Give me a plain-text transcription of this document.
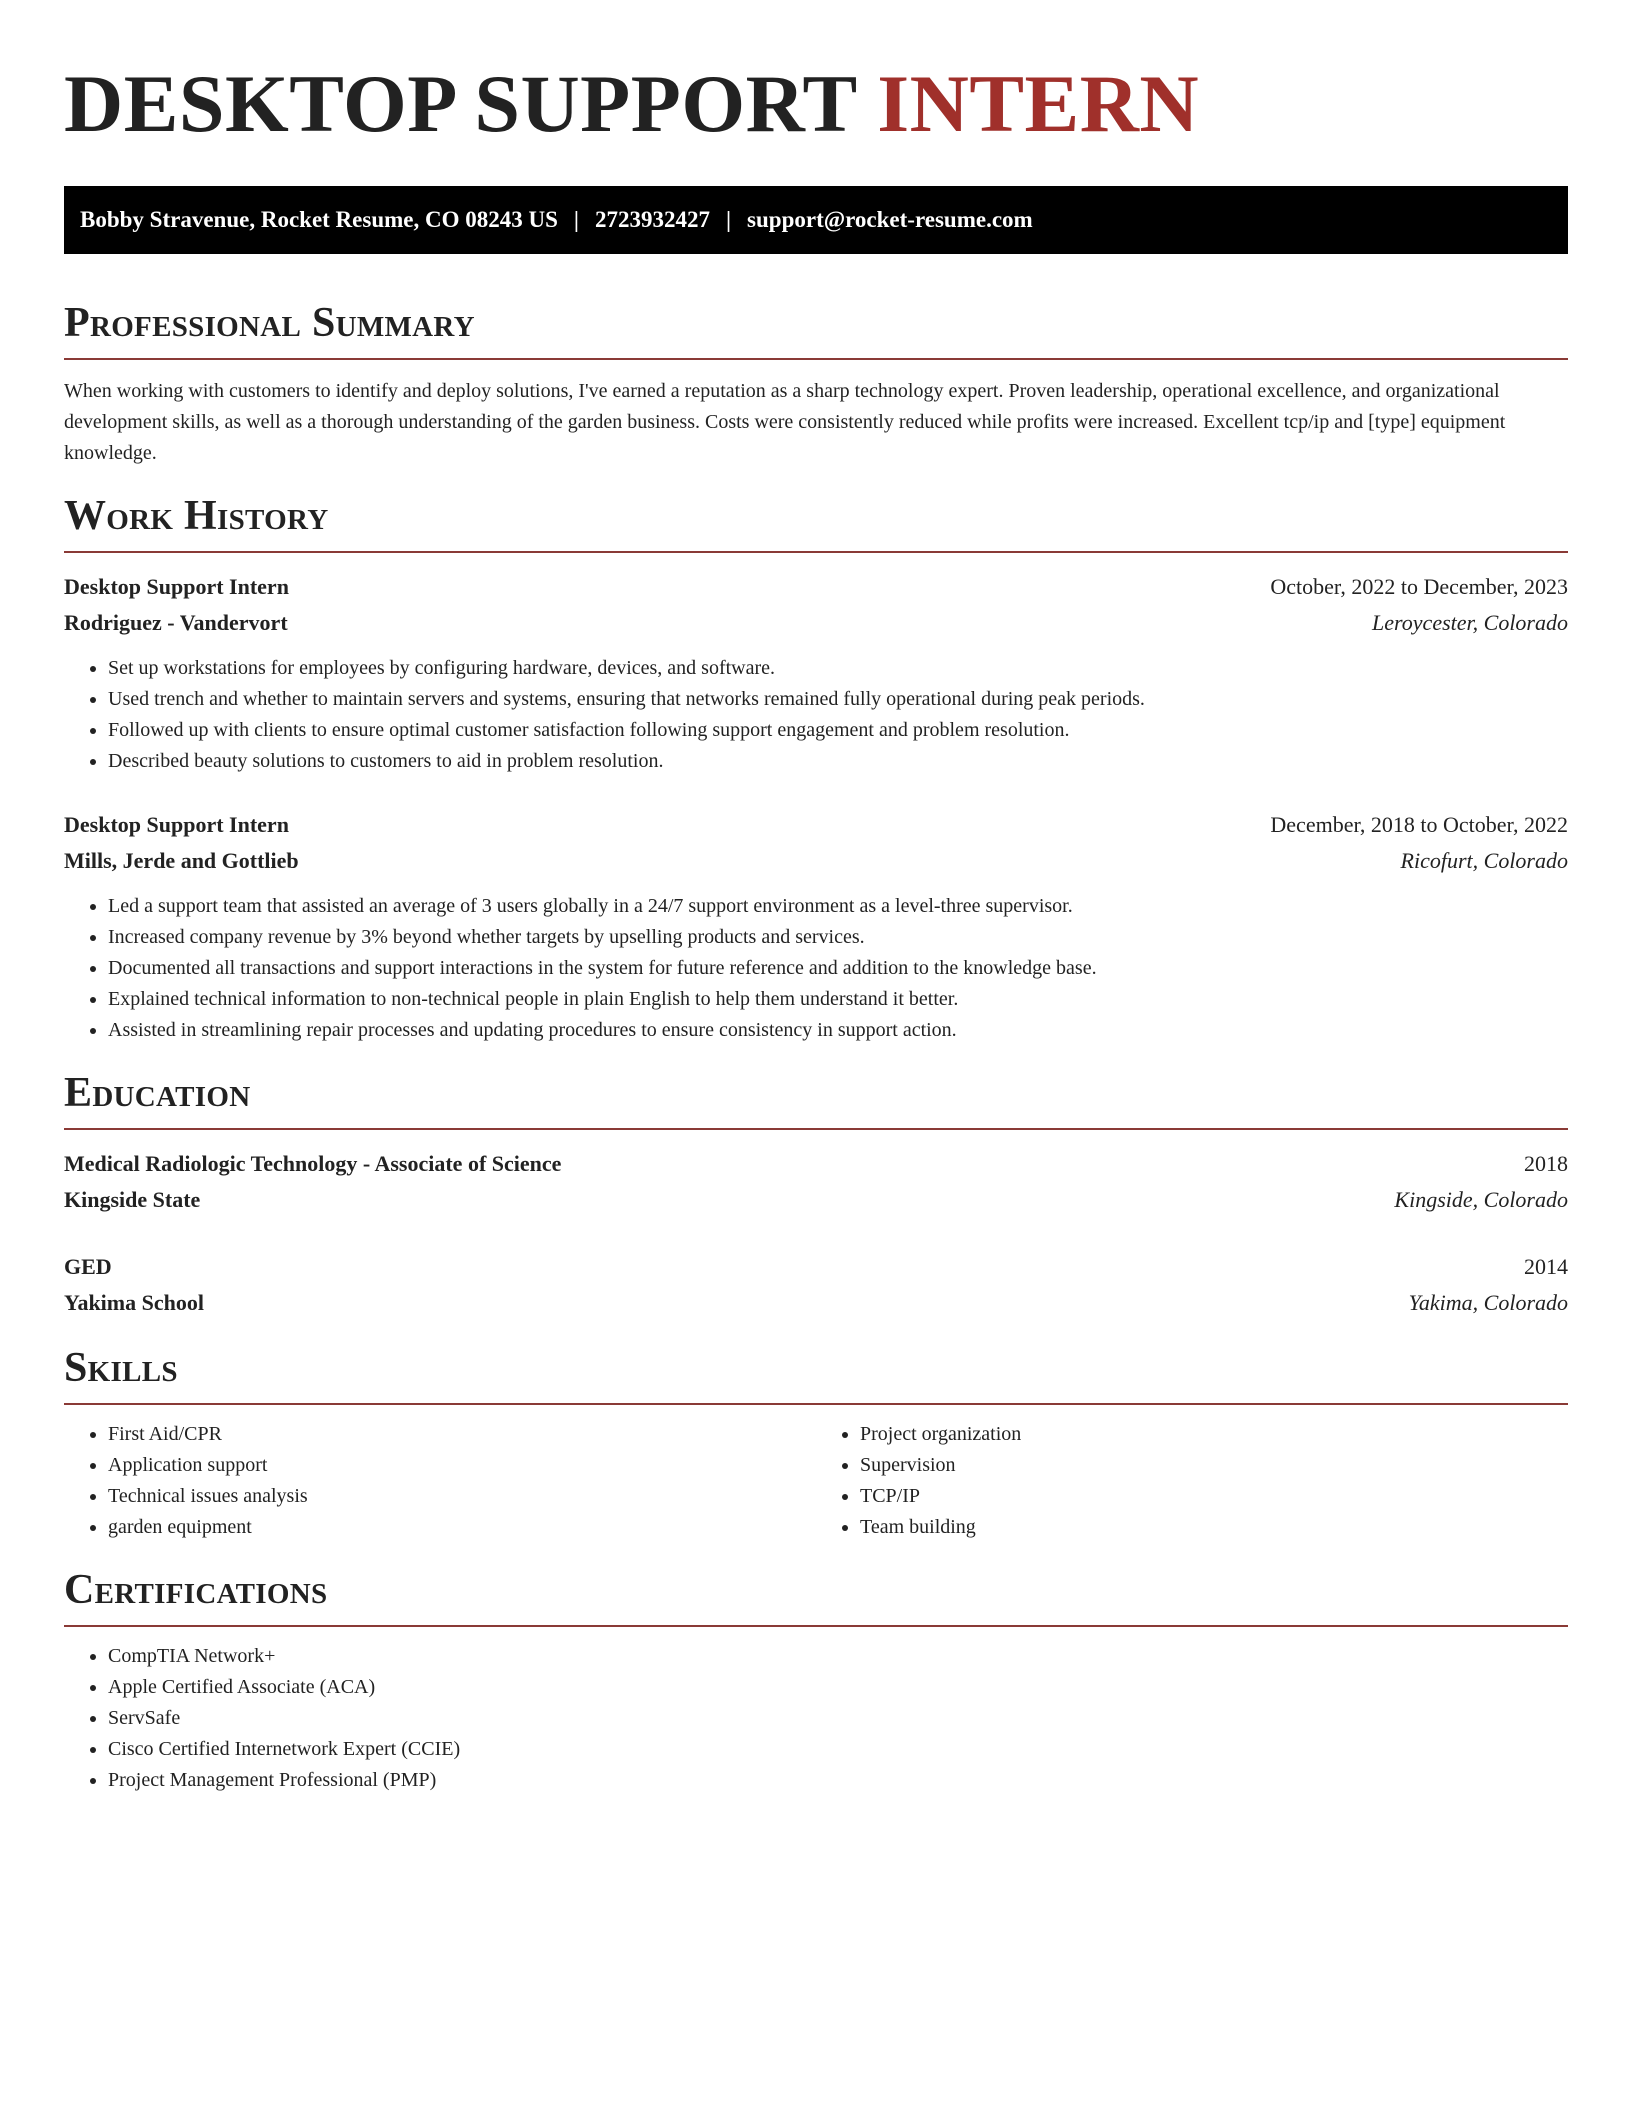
DESKTOP SUPPORT INTERN
Bobby Stravenue, Rocket Resume, CO 08243 US | 2723932427 | support@rocket-resume.com
Professional Summary

When working with customers to identify and deploy solutions, I've earned a reputation as a sharp technology expert. Proven leadership, operational excellence, and organizational development skills, as well as a thorough understanding of the garden business. Costs were consistently reduced while profits were increased. Excellent tcp/ip and [type] equipment knowledge.

Work History
Desktop Support Intern	October, 2022 to December, 2023
Rodriguez - Vandervort	Leroycester, Colorado
• Set up workstations for employees by configuring hardware, devices, and software.
• Used trench and whether to maintain servers and systems, ensuring that networks remained fully operational during peak periods.
• Followed up with clients to ensure optimal customer satisfaction following support engagement and problem resolution.
• Described beauty solutions to customers to aid in problem resolution.
Desktop Support Intern	December, 2018 to October, 2022
Mills, Jerde and Gottlieb	Ricofurt, Colorado
• Led a support team that assisted an average of 3 users globally in a 24/7 support environment as a level-three supervisor.
• Increased company revenue by 3% beyond whether targets by upselling products and services.
• Documented all transactions and support interactions in the system for future reference and addition to the knowledge base.
• Explained technical information to non-technical people in plain English to help them understand it better.
• Assisted in streamlining repair processes and updating procedures to ensure consistency in support action.
Education
Medical Radiologic Technology - Associate of Science	2018
Kingside State	Kingside, Colorado
GED	2014
Yakima School	Yakima, Colorado
Skills
• First Aid/CPR
• Application support
• Technical issues analysis
• garden equipment
• Project organization
• Supervision
• TCP/IP
• Team building
Certifications
• CompTIA Network+
• Apple Certified Associate (ACA)
• ServSafe
• Cisco Certified Internetwork Expert (CCIE)
• Project Management Professional (PMP)
